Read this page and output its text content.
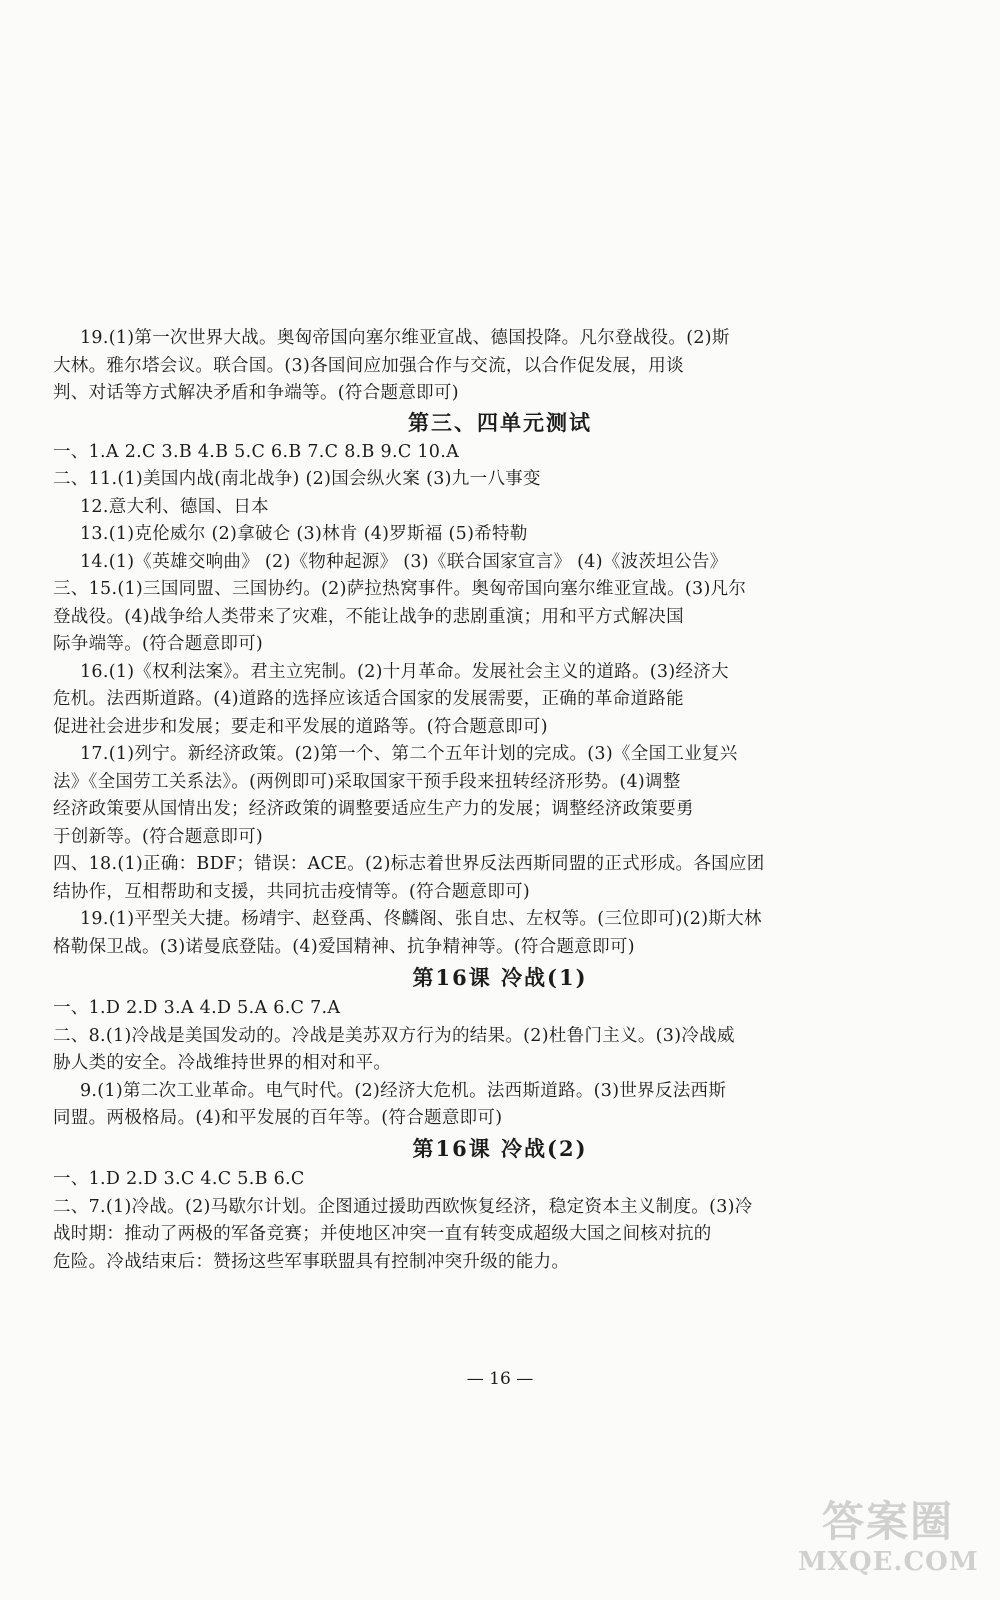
19.(1)第一次世界大战。奥匈帝国向塞尔维亚宣战、德国投降。凡尔登战役。(2)斯
大林。雅尔塔会议。联合国。(3)各国间应加强合作与交流，以合作促发展，用谈
判、对话等方式解决矛盾和争端等。(符合题意即可)
第三、四单元测试
一、1.A 2.C 3.B 4.B 5.C 6.B 7.C 8.B 9.C 10.A
二、11.(1)美国内战(南北战争) (2)国会纵火案 (3)九一八事变
12.意大利、德国、日本
13.(1)克伦威尔 (2)拿破仑 (3)林肯 (4)罗斯福 (5)希特勒
14.(1)《英雄交响曲》 (2)《物种起源》 (3)《联合国家宣言》 (4)《波茨坦公告》
三、15.(1)三国同盟、三国协约。(2)萨拉热窝事件。奥匈帝国向塞尔维亚宣战。(3)凡尔
登战役。(4)战争给人类带来了灾难，不能让战争的悲剧重演；用和平方式解决国
际争端等。(符合题意即可)
16.(1)《权利法案》。君主立宪制。(2)十月革命。发展社会主义的道路。(3)经济大
危机。法西斯道路。(4)道路的选择应该适合国家的发展需要，正确的革命道路能
促进社会进步和发展；要走和平发展的道路等。(符合题意即可)
17.(1)列宁。新经济政策。(2)第一个、第二个五年计划的完成。(3)《全国工业复兴
法》《全国劳工关系法》。(两例即可)采取国家干预手段来扭转经济形势。(4)调整
经济政策要从国情出发；经济政策的调整要适应生产力的发展；调整经济政策要勇
于创新等。(符合题意即可)
四、18.(1)正确：BDF；错误：ACE。(2)标志着世界反法西斯同盟的正式形成。各国应团
结协作，互相帮助和支援，共同抗击疫情等。(符合题意即可)
19.(1)平型关大捷。杨靖宇、赵登禹、佟麟阁、张自忠、左权等。(三位即可)(2)斯大林
格勒保卫战。(3)诺曼底登陆。(4)爱国精神、抗争精神等。(符合题意即可)
第16课 冷战(1)
一、1.D 2.D 3.A 4.D 5.A 6.C 7.A
二、8.(1)冷战是美国发动的。冷战是美苏双方行为的结果。(2)杜鲁门主义。(3)冷战威
胁人类的安全。冷战维持世界的相对和平。
9.(1)第二次工业革命。电气时代。(2)经济大危机。法西斯道路。(3)世界反法西斯
同盟。两极格局。(4)和平发展的百年等。(符合题意即可)
第16课 冷战(2)
一、1.D 2.D 3.C 4.C 5.B 6.C
二、7.(1)冷战。(2)马歇尔计划。企图通过援助西欧恢复经济，稳定资本主义制度。(3)冷
战时期：推动了两极的军备竞赛；并使地区冲突一直有转变成超级大国之间核对抗的
危险。冷战结束后：赞扬这些军事联盟具有控制冲突升级的能力。
— 16 —
答案圈
MXQE.COM
